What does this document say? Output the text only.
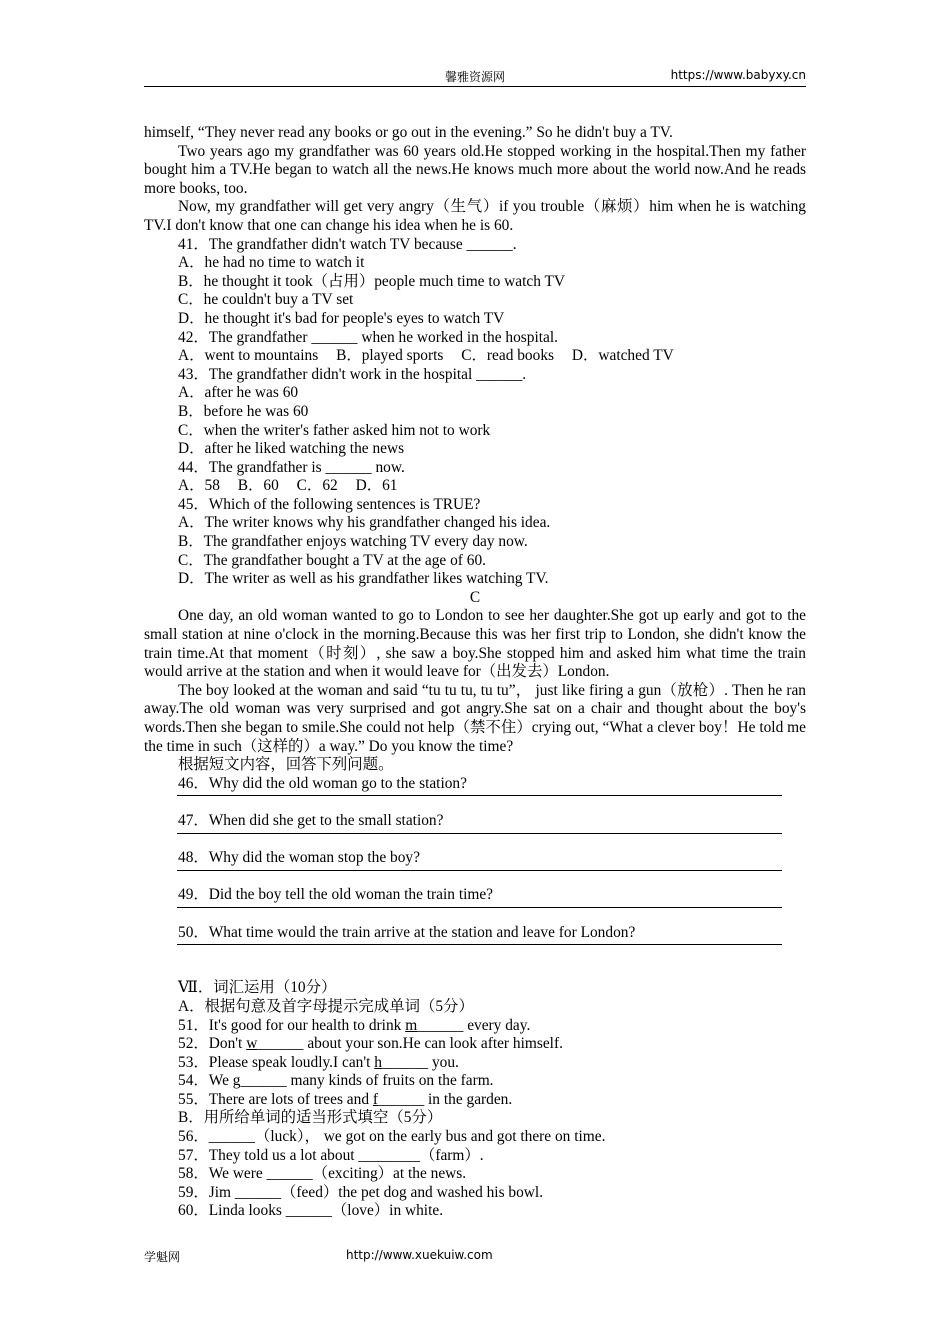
馨雅资源网	https://www.babyxy.cn

himself, “They never read any books or go out in the evening.” So he didn't buy a TV.

Two years ago my grandfather was 60 years old.He stopped working in the hospital.Then my father bought him a TV.He began to watch all the news.He knows much more about the world now.And he reads more books, too.

Now, my grandfather will get very angry（生气）if you trouble（麻烦）him when he is watching TV.I don't know that one can change his idea when he is 60.

41．The grandfather didn't watch TV because ______.
A．he had no time to watch it
B．he thought it took（占用）people much time to watch TV
C．he couldn't buy a TV set
D．he thought it's bad for people's eyes to watch TV
42．The grandfather ______ when he worked in the hospital.
A．went to mountains B．played sports C．read books D．watched TV
43．The grandfather didn't work in the hospital ______.
A．after he was 60
B．before he was 60
C．when the writer's father asked him not to work
D．after he liked watching the news
44．The grandfather is ______ now.
A．58 B．60 C．62 D．61
45．Which of the following sentences is TRUE?
A．The writer knows why his grandfather changed his idea.
B．The grandfather enjoys watching TV every day now.
C．The grandfather bought a TV at the age of 60.
D．The writer as well as his grandfather likes watching TV.
C

One day, an old woman wanted to go to London to see her daughter.She got up early and got to the small station at nine o'clock in the morning.Because this was her first trip to London, she didn't know the train time.At that moment（时刻）, she saw a boy.She stopped him and asked him what time the train would arrive at the station and when it would leave for（出发去）London.

The boy looked at the woman and said “tu tu tu, tu tu”， just like firing a gun（放枪）. Then he ran away.The old woman was very surprised and got angry.She sat on a chair and thought about the boy's words.Then she began to smile.She could not help（禁不住）crying out, “What a clever boy！He told me the time in such（这样的）a way.” Do you know the time?

根据短文内容，回答下列问题。
46．Why did the old woman go to the station?
47．When did she get to the small station?
48．Why did the woman stop the boy?
49．Did the boy tell the old woman the train time?
50．What time would the train arrive at the station and leave for London?
Ⅶ．词汇运用（10分）
A．根据句意及首字母提示完成单词（5分）
51．It's good for our health to drink m______ every day.
52．Don't w______ about your son.He can look after himself.
53．Please speak loudly.I can't h______ you.
54．We g______ many kinds of fruits on the farm.
55．There are lots of trees and f______ in the garden.
B．用所给单词的适当形式填空（5分）
56．______（luck）， we got on the early bus and got there on time.
57．They told us a lot about ________（farm）.
58．We were ______（exciting）at the news.
59．Jim ______（feed）the pet dog and washed his bowl.
60．Linda looks ______（love）in white.
学魁网	http://www.xuekuiw.com
